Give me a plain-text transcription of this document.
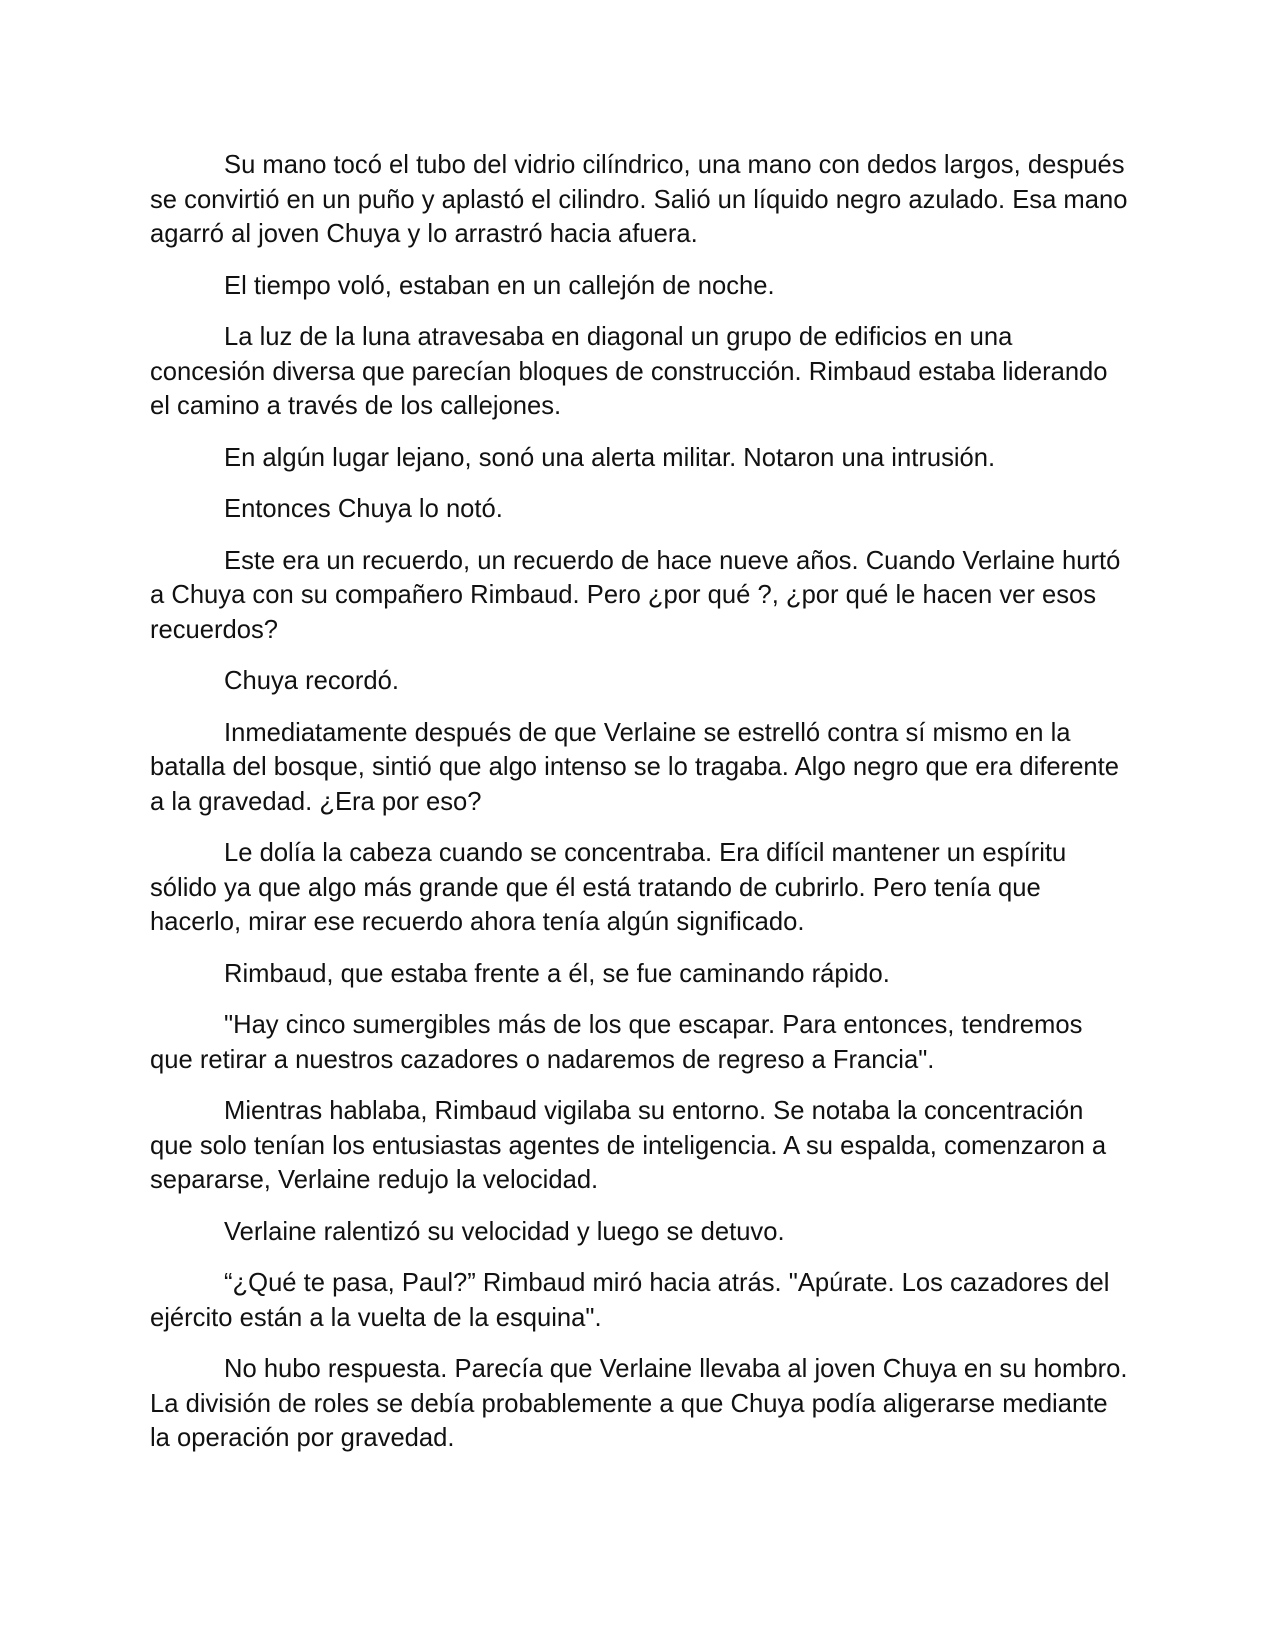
Su mano tocó el tubo del vidrio cilíndrico, una mano con dedos largos, después se convirtió en un puño y aplastó el cilindro. Salió un líquido negro azulado. Esa mano agarró al joven Chuya y lo arrastró hacia afuera.

El tiempo voló, estaban en un callejón de noche.

La luz de la luna atravesaba en diagonal un grupo de edificios en una concesión diversa que parecían bloques de construcción. Rimbaud estaba liderando el camino a través de los callejones.

En algún lugar lejano, sonó una alerta militar. Notaron una intrusión.

Entonces Chuya lo notó.

Este era un recuerdo, un recuerdo de hace nueve años. Cuando Verlaine hurtó a Chuya con su compañero Rimbaud. Pero ¿por qué ?, ¿por qué le hacen ver esos recuerdos?

Chuya recordó.

Inmediatamente después de que Verlaine se estrelló contra sí mismo en la batalla del bosque, sintió que algo intenso se lo tragaba. Algo negro que era diferente a la gravedad. ¿Era por eso?

Le dolía la cabeza cuando se concentraba. Era difícil mantener un espíritu sólido ya que algo más grande que él está tratando de cubrirlo. Pero tenía que hacerlo, mirar ese recuerdo ahora tenía algún significado.

Rimbaud, que estaba frente a él, se fue caminando rápido.

"Hay cinco sumergibles más de los que escapar. Para entonces, tendremos que retirar a nuestros cazadores o nadaremos de regreso a Francia".

Mientras hablaba, Rimbaud vigilaba su entorno. Se notaba la concentración que solo tenían los entusiastas agentes de inteligencia. A su espalda, comenzaron a separarse, Verlaine redujo la velocidad.

Verlaine ralentizó su velocidad y luego se detuvo.

“¿Qué te pasa, Paul?” Rimbaud miró hacia atrás. "Apúrate. Los cazadores del ejército están a la vuelta de la esquina".

No hubo respuesta. Parecía que Verlaine llevaba al joven Chuya en su hombro. La división de roles se debía probablemente a que Chuya podía aligerarse mediante la operación por gravedad.
